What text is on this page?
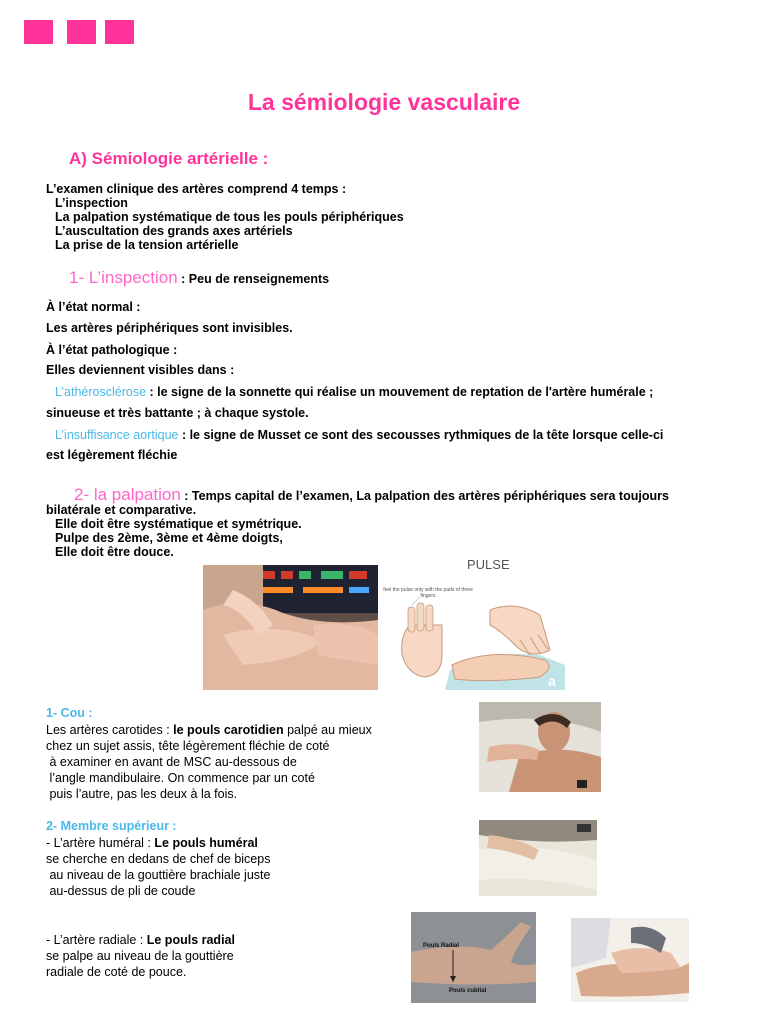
La sémiologie vasculaire
A) Sémiologie artérielle :
L’examen clinique des artères comprend 4 temps :
L’inspection
La palpation systématique de tous les pouls périphériques
L’auscultation des grands axes artériels
La prise de la tension artérielle
1- L’inspection : Peu de renseignements
À l’état normal :
Les artères périphériques sont invisibles.
À l’état pathologique :
Elles deviennent visibles dans :
L’athérosclérose : le signe de la sonnette qui réalise un mouvement de reptation de l'artère humérale ;
sinueuse et très battante ; à chaque systole.
L’insuffisance aortique : le signe de Musset ce sont des secousses rythmiques de la tête lorsque celle-ci
est légèrement fléchie
2- la palpation : Temps capital de l’examen, La palpation des artères périphériques sera toujours
bilatérale et comparative.
Elle doit être systématique et symétrique.
Pulpe des 2ème, 3ème et 4ème doigts,
Elle doit être douce.
PULSE
feel the pulse only with the pads of three fingers
a
1- Cou :
Les artères carotides : le pouls carotidien palpé au mieux
chez un sujet assis, tête légèrement fléchie de coté
à examiner en avant de MSC au-dessous de
l’angle mandibulaire. On commence par un coté
puis l’autre, pas les deux à la fois.
2- Membre supérieur :
- L’artère huméral : Le pouls huméral
se cherche en dedans de chef de biceps
au niveau de la gouttière brachiale juste
au-dessus de pli de coude
- L’artère radiale : Le pouls radial
se palpe au niveau de la gouttière
radiale de coté de pouce.
Pouls Radial
Pouls cubital
